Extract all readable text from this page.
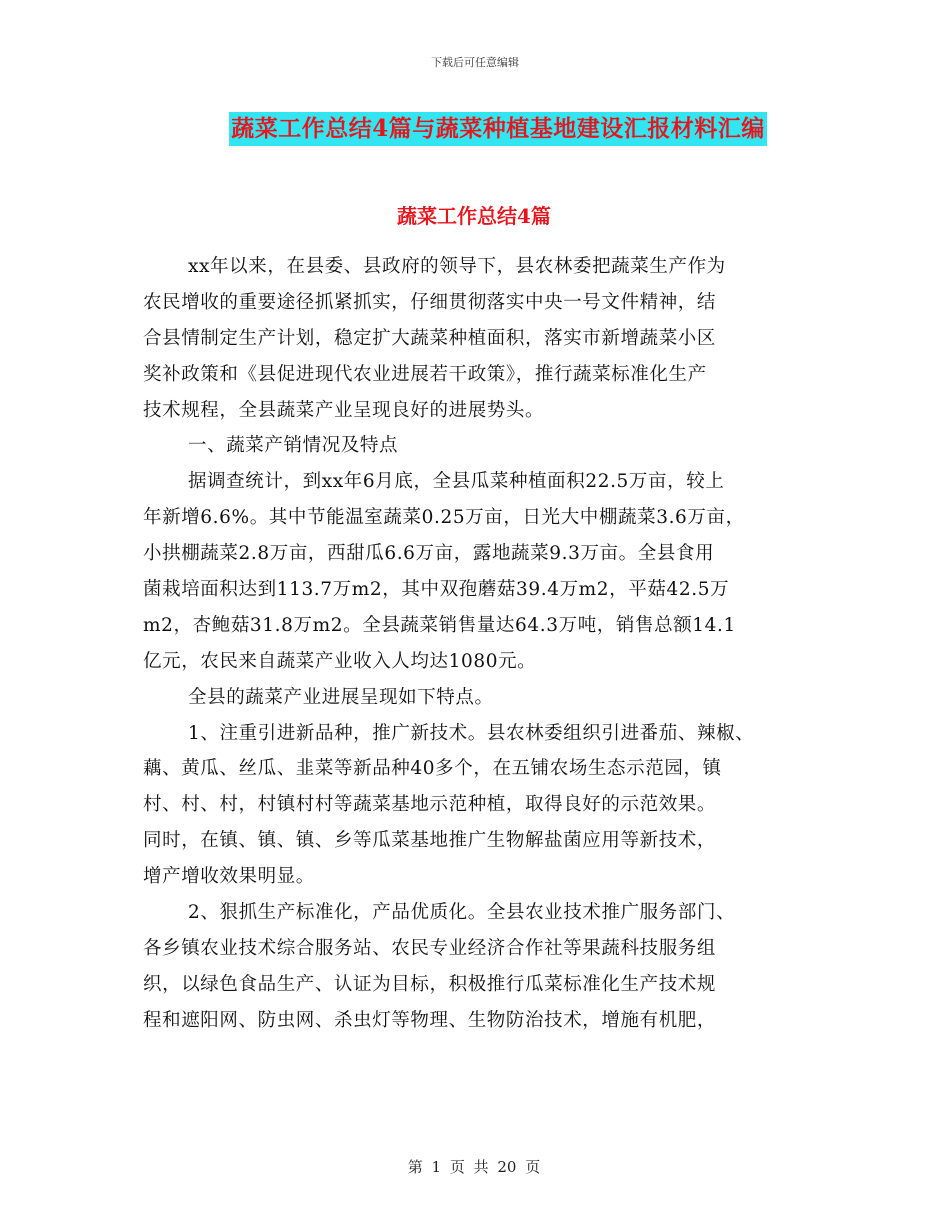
下载后可任意编辑
蔬菜工作总结4篇与蔬菜种植基地建设汇报材料汇编
蔬菜工作总结4篇
xx年以来，在县委、县政府的领导下，县农林委把蔬菜生产作为
农民增收的重要途径抓紧抓实，仔细贯彻落实中央一号文件精神，结
合县情制定生产计划，稳定扩大蔬菜种植面积，落实市新增蔬菜小区
奖补政策和《县促进现代农业进展若干政策》，推行蔬菜标准化生产
技术规程，全县蔬菜产业呈现良好的进展势头。
一、蔬菜产销情况及特点
据调查统计，到xx年6月底，全县瓜菜种植面积22.5万亩，较上
年新增6.6%。其中节能温室蔬菜0.25万亩，日光大中棚蔬菜3.6万亩，
小拱棚蔬菜2.8万亩，西甜瓜6.6万亩，露地蔬菜9.3万亩。全县食用
菌栽培面积达到113.7万m2，其中双孢蘑菇39.4万m2，平菇42.5万
m2，杏鲍菇31.8万m2。全县蔬菜销售量达64.3万吨，销售总额14.1
亿元，农民来自蔬菜产业收入人均达1080元。
全县的蔬菜产业进展呈现如下特点。
1、注重引进新品种，推广新技术。县农林委组织引进番茄、辣椒、
藕、黄瓜、丝瓜、韭菜等新品种40多个，在五铺农场生态示范园，镇
村、村、村，村镇村村等蔬菜基地示范种植，取得良好的示范效果。
同时，在镇、镇、镇、乡等瓜菜基地推广生物解盐菌应用等新技术，
增产增收效果明显。
2、狠抓生产标准化，产品优质化。全县农业技术推广服务部门、
各乡镇农业技术综合服务站、农民专业经济合作社等果蔬科技服务组
织，以绿色食品生产、认证为目标，积极推行瓜菜标准化生产技术规
程和遮阳网、防虫网、杀虫灯等物理、生物防治技术，增施有机肥，
第 1 页 共 20 页
